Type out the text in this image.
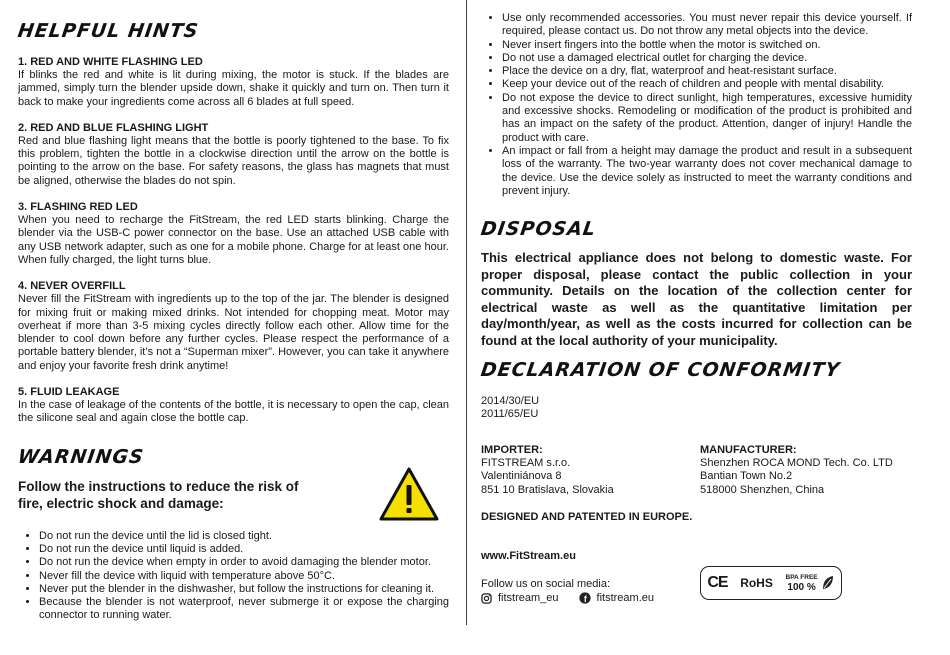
HELPFUL HINTS

1. RED AND WHITE FLASHING LED

If blinks the red and white is lit during mixing, the motor is stuck. If the blades are jammed, simply turn the blender upside down, shake it quickly and turn on. Then turn it back to make your ingredients come across all 6 blades at full speed.

2. RED AND BLUE FLASHING LIGHT

Red and blue flashing light means that the bottle is poorly tightened to the base. To fix this problem, tighten the bottle in a clockwise direction until the arrow on the bottle is pointing to the arrow on the base. For safety reasons, the glass has magnets that must be aligned, otherwise the blades do not spin.

3. FLASHING RED LED

When you need to recharge the FitStream, the red LED starts blinking. Charge the blender via the USB-C power connector on the base. Use an attached USB cable with any USB network adapter, such as one for a mobile phone. Charge for at least one hour. When fully charged, the light turns blue.

4. NEVER OVERFILL

Never fill the FitStream with ingredients up to the top of the jar. The blender is designed for mixing fruit or making mixed drinks. Not intended for chopping meat. Motor may overheat if more than 3-5 mixing cycles directly follow each other. Allow time for the blender to cool down before any further cycles. Please respect the performance of a portable battery blender, it’s not a “Superman mixer”. However, you can take it anywhere and enjoy your favorite fresh drink anytime!

5. FLUID LEAKAGE

In the case of leakage of the contents of the bottle, it is necessary to open the cap, clean the silicone seal and again close the bottle cap.

WARNINGS

Follow the instructions to reduce the risk of fire, electric shock and damage:

• Do not run the device until the lid is closed tight.
• Do not run the device until liquid is added.
• Do not run the device when empty in order to avoid damaging the blender motor.
• Never fill the device with liquid with temperature above 50°C.
• Never put the blender in the dishwasher, but follow the instructions for cleaning it.
• Because the blender is not waterproof, never submerge it or expose the charging connector to running water.
• Use only recommended accessories. You must never repair this device yourself. If required, please contact us. Do not throw any metal objects into the device.
• Never insert fingers into the bottle when the motor is switched on.
• Do not use a damaged electrical outlet for charging the device.
• Place the device on a dry, flat, waterproof and heat-resistant surface.
• Keep your device out of the reach of children and people with mental disability.
• Do not expose the device to direct sunlight, high temperatures, excessive humidity and excessive shocks. Remodeling or modification of the product is prohibited and has an impact on the safety of the product. Attention, danger of injury! Handle the product with care.
• An impact or fall from a height may damage the product and result in a subsequent loss of the warranty. The two-year warranty does not cover mechanical damage to the device. Use the device solely as instructed to meet the warranty conditions and prevent injury.
DISPOSAL

This electrical appliance does not belong to domestic waste. For proper disposal, please contact the public collection in your community. Details on the location of the collection center for electrical waste as well as the quantitative limitation per day/month/year, as well as the costs incurred for collection can be found at the local authority of your municipality.

DECLARATION OF CONFORMITY

2014/30/EU

2011/65/EU

IMPORTER:

FITSTREAM s.r.o.

Valentiniánova 8

851 10 Bratislava, Slovakia

MANUFACTURER:

Shenzhen ROCA MOND Tech. Co. LTD

Bantian Town No.2

518000 Shenzhen, China

DESIGNED AND PATENTED IN EUROPE.

www.FitStream.eu

Follow us on social media:

fitstream_eu	f fitstream.eu
CE RoHS BPA FREE
100 %
